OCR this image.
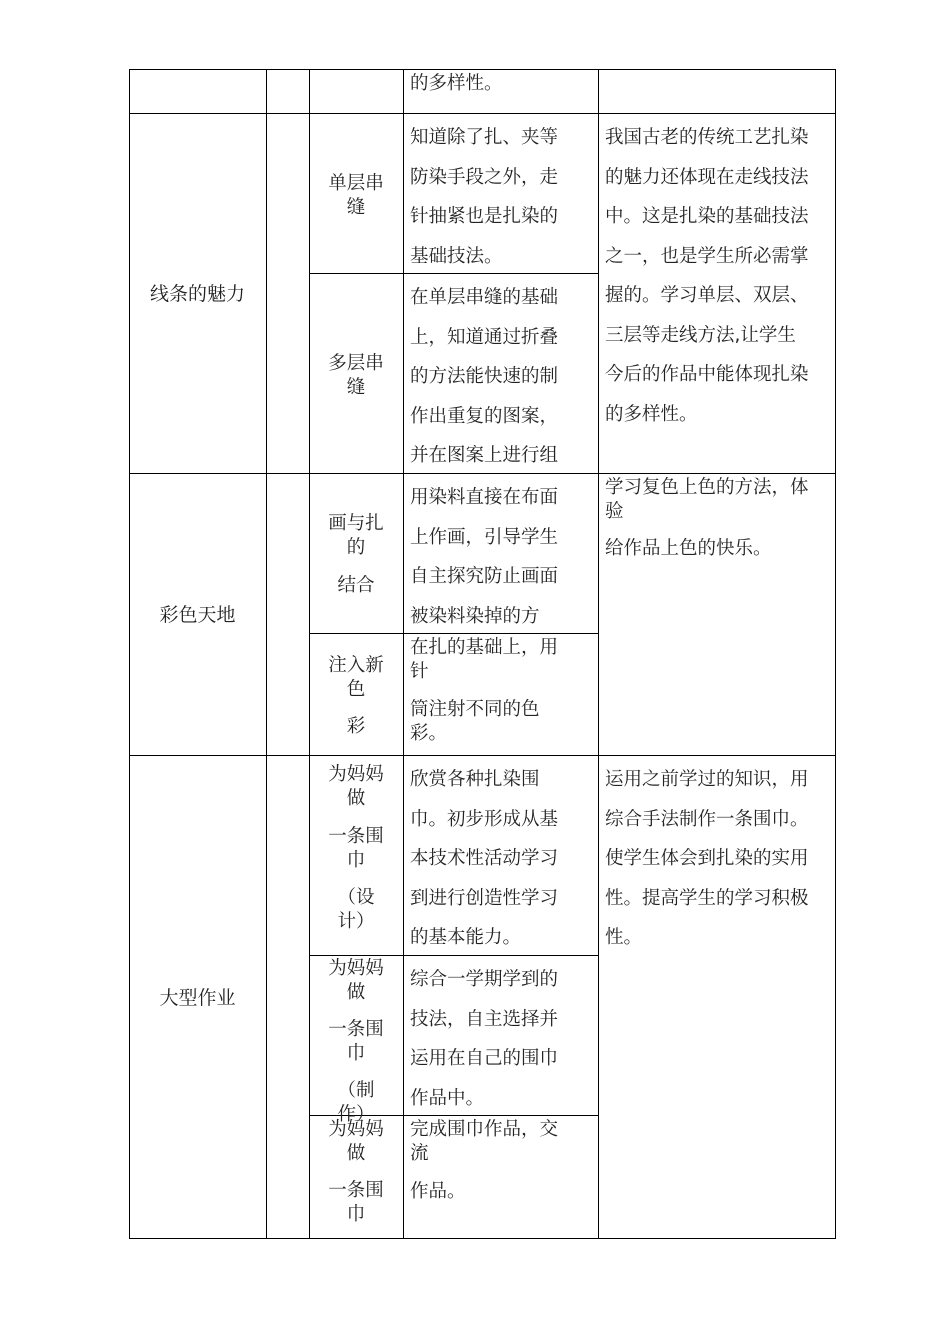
的多样性。
线条的魅力
单层串
缝
知道除了扎、夹等
防染手段之外，走
针抽紧也是扎染的
基础技法。
多层串
缝
在单层串缝的基础
上，知道通过折叠
的方法能快速的制
作出重复的图案，
并在图案上进行组
我国古老的传统工艺扎染
的魅力还体现在走线技法
中。这是扎染的基础技法
之一，也是学生所必需掌
握的。学习单层、双层、
三层等走线方法,让学生
今后的作品中能体现扎染
的多样性。
彩色天地
画与扎
的
结合
用染料直接在布面
上作画，引导学生
自主探究防止画面
被染料染掉的方
注入新
色
彩
在扎的基础上，用
针
筒注射不同的色
彩。
学习复色上色的方法，体
验
给作品上色的快乐。
大型作业
为妈妈
做
一条围
巾
（设
计）
欣赏各种扎染围
巾。初步形成从基
本技术性活动学习
到进行创造性学习
的基本能力。
为妈妈
做
一条围
巾
（制
作）
综合一学期学到的
技法，自主选择并
运用在自己的围巾
作品中。
为妈妈
做
一条围
巾
完成围巾作品，交
流
作品。
运用之前学过的知识，用
综合手法制作一条围巾。
使学生体会到扎染的实用
性。提高学生的学习积极
性。
